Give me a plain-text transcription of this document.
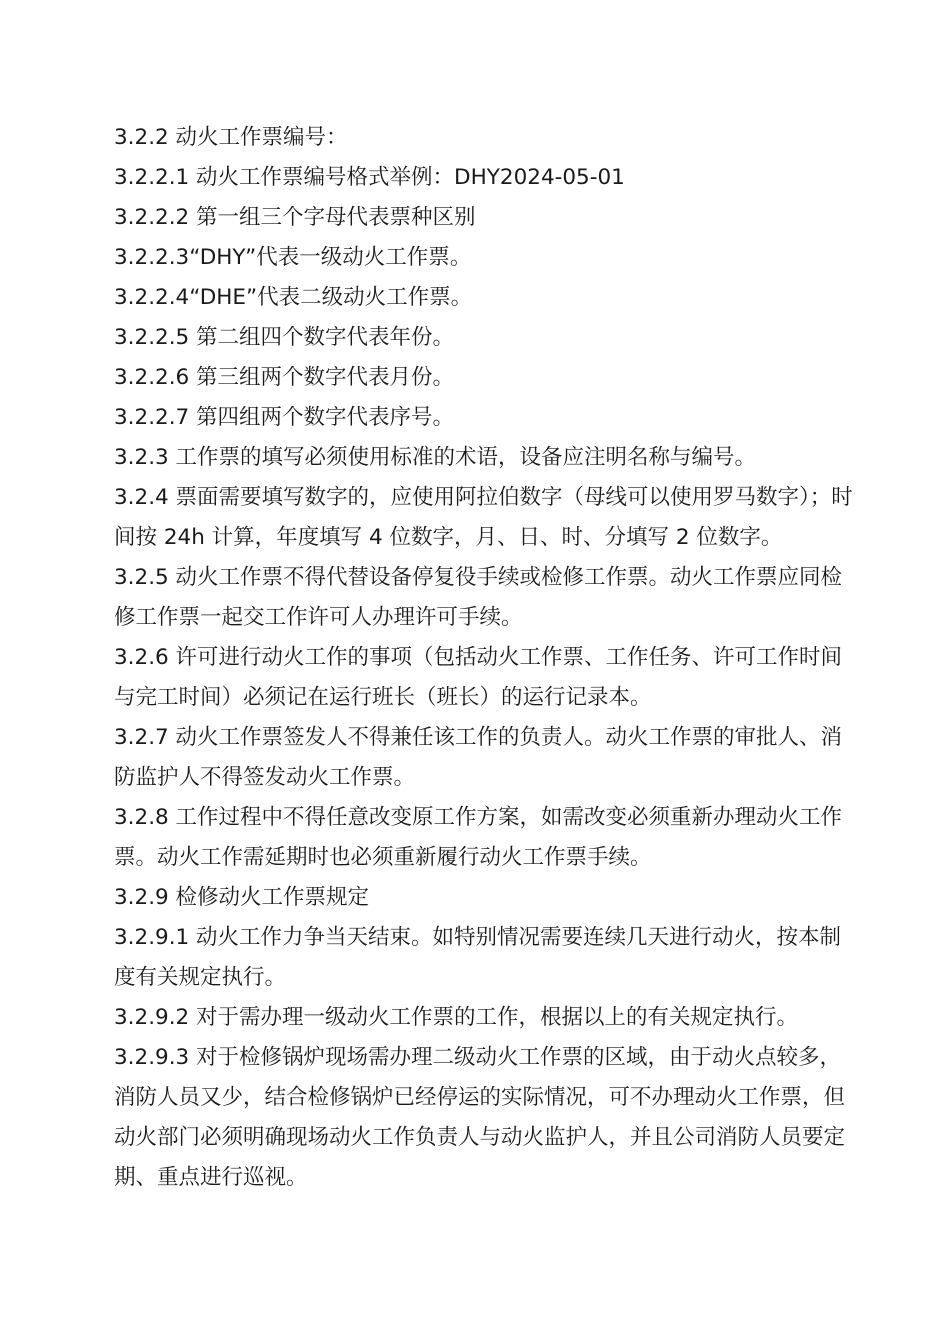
3.2.2 动火工作票编号：

3.2.2.1 动火工作票编号格式举例：DHY2024-05-01

3.2.2.2 第一组三个字母代表票种区别

3.2.2.3“DHY”代表一级动火工作票。

3.2.2.4“DHE”代表二级动火工作票。

3.2.2.5 第二组四个数字代表年份。

3.2.2.6 第三组两个数字代表月份。

3.2.2.7 第四组两个数字代表序号。

3.2.3 工作票的填写必须使用标准的术语，设备应注明名称与编号。

3.2.4 票面需要填写数字的，应使用阿拉伯数字（母线可以使用罗马数字）；时间按 24h 计算，年度填写 4 位数字，月、日、时、分填写 2 位数字。

3.2.5 动火工作票不得代替设备停复役手续或检修工作票。动火工作票应同检修工作票一起交工作许可人办理许可手续。

3.2.6 许可进行动火工作的事项（包括动火工作票、工作任务、许可工作时间与完工时间）必须记在运行班长（班长）的运行记录本。

3.2.7 动火工作票签发人不得兼任该工作的负责人。动火工作票的审批人、消防监护人不得签发动火工作票。

3.2.8 工作过程中不得任意改变原工作方案，如需改变必须重新办理动火工作票。动火工作需延期时也必须重新履行动火工作票手续。

3.2.9 检修动火工作票规定

3.2.9.1 动火工作力争当天结束。如特别情况需要连续几天进行动火，按本制度有关规定执行。

3.2.9.2 对于需办理一级动火工作票的工作，根据以上的有关规定执行。

3.2.9.3 对于检修锅炉现场需办理二级动火工作票的区域，由于动火点较多，消防人员又少，结合检修锅炉已经停运的实际情况，可不办理动火工作票，但动火部门必须明确现场动火工作负责人与动火监护人，并且公司消防人员要定期、重点进行巡视。
